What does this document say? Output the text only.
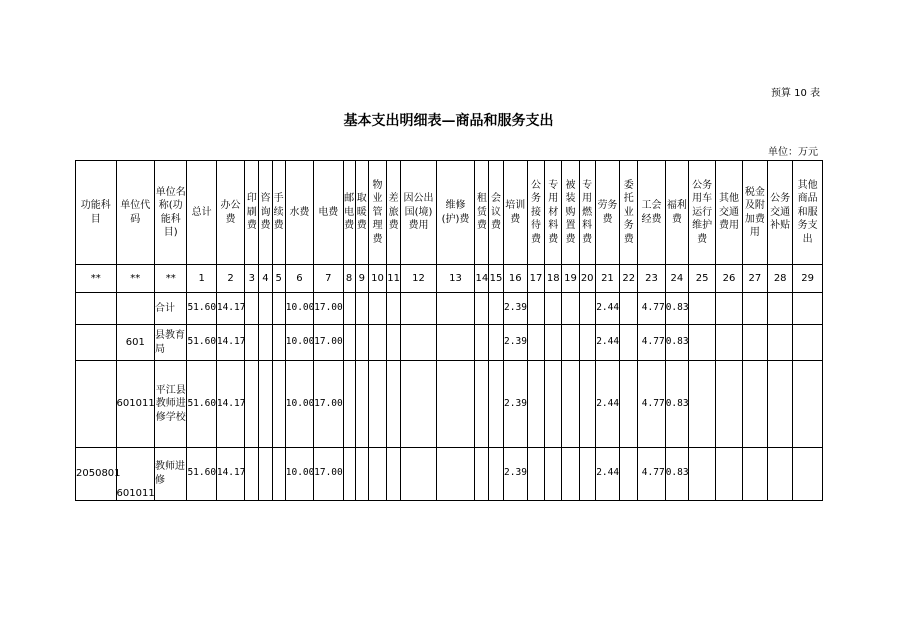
预算 10 表
基本支出明细表—商品和服务支出
单位：万元
功能科目	单位代码	单位名称(功能科目)	总计	办公费	印刷费	咨询费	手续费	水费	电费	邮电费	取暖费	物业管理费	差旅费	因公出国(境)费用	维修(护)费	租赁费	会议费	培训费	公务接待费	专用材料费	被装购置费	专用燃料费	劳务费	委托业务费	工会经费	福利费	公务用车运行维护费	其他交通费用	税金及附加费用	公务交通补贴	其他商品和服务支出
**	**	**	1	2	3	4	5	6	7	8	9	10	11	12	13	14	15	16	17	18	19	20	21	22	23	24	25	26	27	28	29
		合计	51.60	14.17				10.00	17.00									2.39					2.44		4.77	0.83					
	601	县教育局	51.60	14.17				10.00	17.00									2.39					2.44		4.77	0.83					
	601011	平江县教师进修学校	51.60	14.17				10.00	17.00									2.39					2.44		4.77	0.83					
2050801	601011	教师进修	51.60	14.17				10.00	17.00									2.39					2.44		4.77	0.83					
